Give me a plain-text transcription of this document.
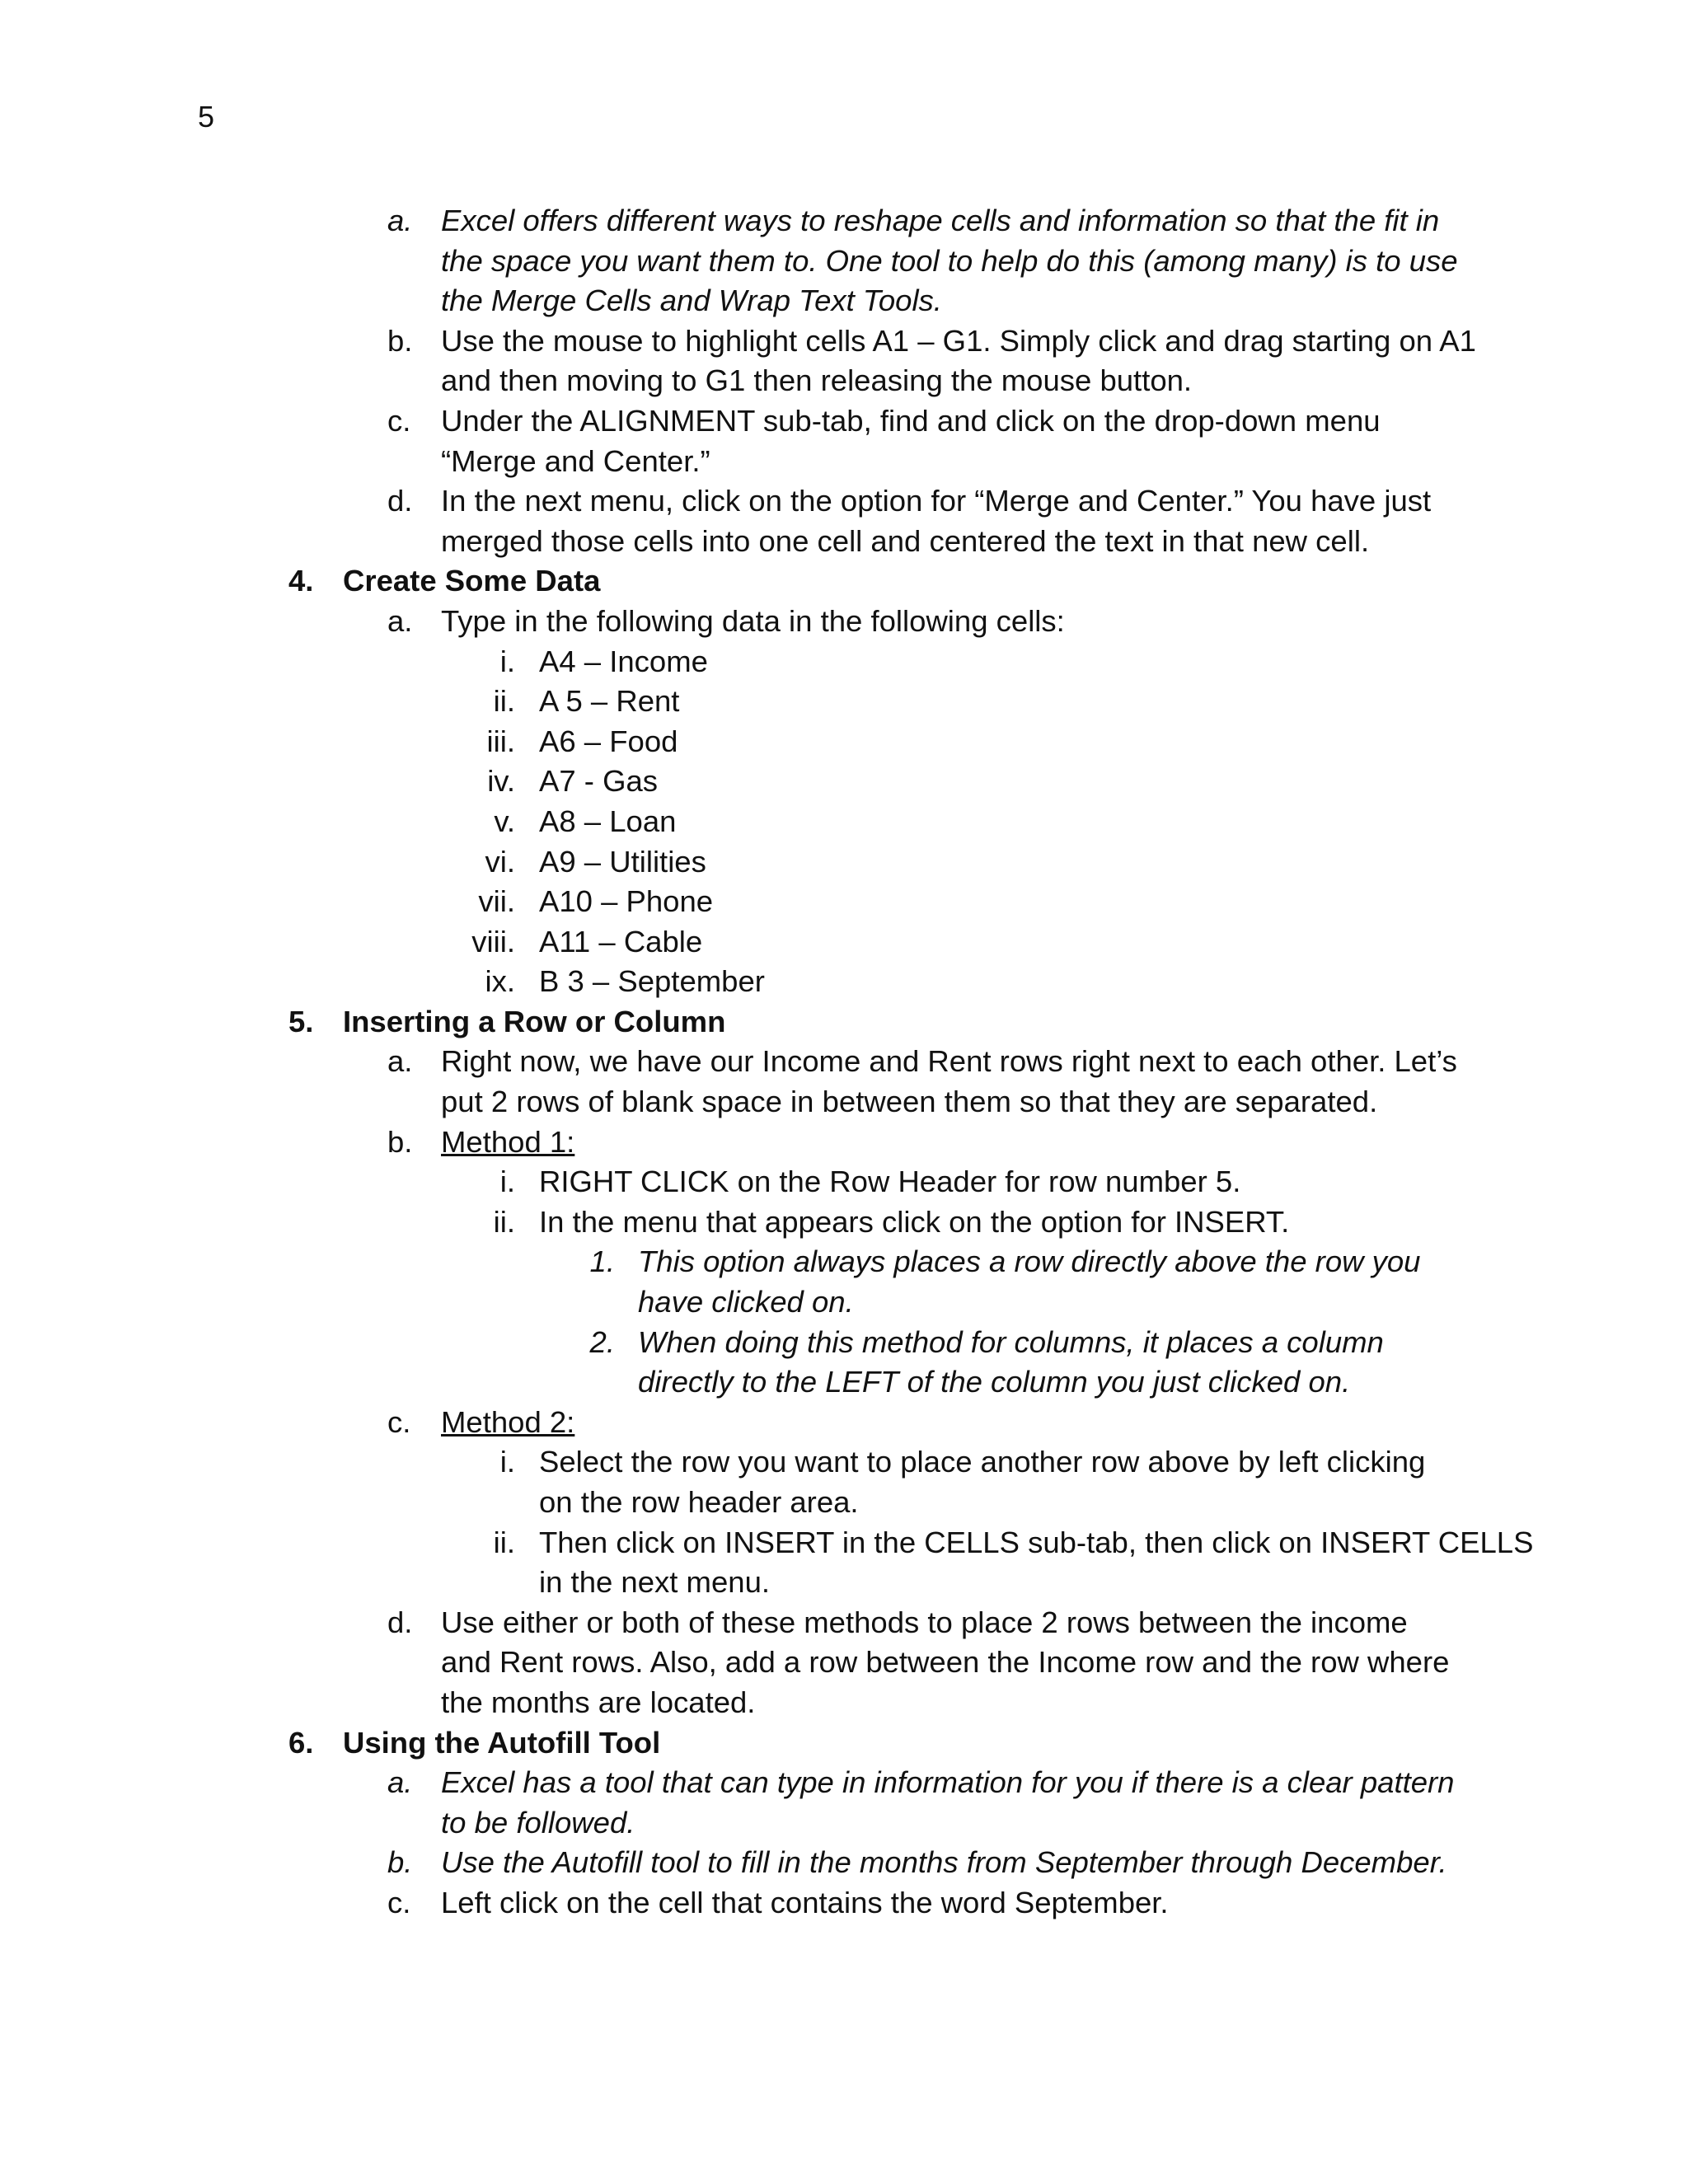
5
a. Excel offers different ways to reshape cells and information so that the fit in
the space you want them to. One tool to help do this (among many) is to use
the Merge Cells and Wrap Text Tools.
b. Use the mouse to highlight cells A1 – G1. Simply click and drag starting on A1
and then moving to G1 then releasing the mouse button.
c.	Under the ALIGNMENT sub-tab, find and click on the drop-down menu
“Merge and Center.”
d. In the next menu, click on the option for “Merge and Center.” You have just
merged those cells into one cell and centered the text in that new cell.
4. Create Some Data
a. Type in the following data in the following cells:
i. A4 – Income
ii. A 5 – Rent
iii. A6 – Food
iv. A7 - Gas
v. A8 – Loan
vi. A9 – Utilities
vii. A10 – Phone
viii. A11 – Cable
ix. B 3 – September
5. Inserting a Row or Column
a. Right now, we have our Income and Rent rows right next to each other. Let’s
put 2 rows of blank space in between them so that they are separated.
b. Method 1:
i. RIGHT CLICK on the Row Header for row number 5.
ii. In the menu that appears click on the option for INSERT.
1. This option always places a row directly above the row you
have clicked on.
2. When doing this method for columns, it places a column
directly to the LEFT of the column you just clicked on.
c.	Method 2:
i. Select the row you want to place another row above by left clicking
on the row header area.
ii. Then click on INSERT in the CELLS sub-tab, then click on INSERT CELLS
in the next menu.
d. Use either or both of these methods to place 2 rows between the income
and Rent rows. Also, add a row between the Income row and the row where
the months are located.
6. Using the Autofill Tool
a. Excel has a tool that can type in information for you if there is a clear pattern
to be followed.
b. Use the Autofill tool to fill in the months from September through December.
c.	Left click on the cell that contains the word September.
